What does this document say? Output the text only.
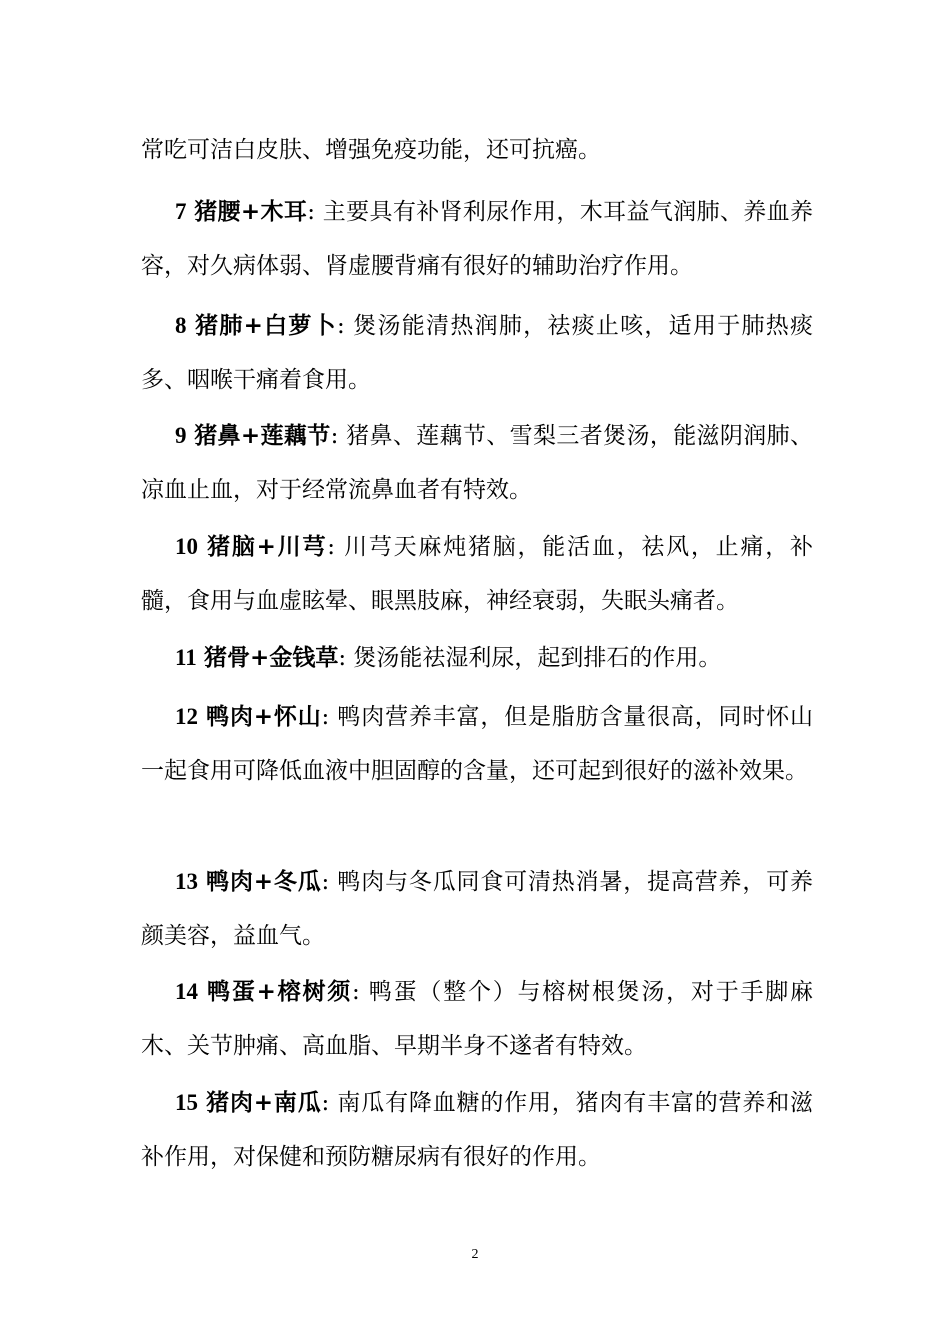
常吃可洁白皮肤、增强免疫功能，还可抗癌。

7 猪腰+木耳: 主要具有补肾利尿作用，木耳益气润肺、养血养容，对久病体弱、肾虚腰背痛有很好的辅助治疗作用。

8 猪肺+白萝卜: 煲汤能清热润肺，祛痰止咳，适用于肺热痰多、咽喉干痛着食用。

9 猪鼻+莲藕节: 猪鼻、莲藕节、雪梨三者煲汤，能滋阴润肺、凉血止血，对于经常流鼻血者有特效。

10 猪脑+川芎: 川芎天麻炖猪脑，能活血，祛风，止痛，补髓，食用与血虚眩晕、眼黑肢麻，神经衰弱，失眠头痛者。

11 猪骨+金钱草: 煲汤能祛湿利尿，起到排石的作用。

12 鸭肉+怀山: 鸭肉营养丰富，但是脂肪含量很高，同时怀山一起食用可降低血液中胆固醇的含量，还可起到很好的滋补效果。

13 鸭肉+冬瓜: 鸭肉与冬瓜同食可清热消暑，提高营养，可养颜美容，益血气。

14 鸭蛋+榕树须: 鸭蛋（整个）与榕树根煲汤，对于手脚麻木、关节肿痛、高血脂、早期半身不遂者有特效。

15 猪肉+南瓜: 南瓜有降血糖的作用，猪肉有丰富的营养和滋补作用，对保健和预防糖尿病有很好的作用。

2
